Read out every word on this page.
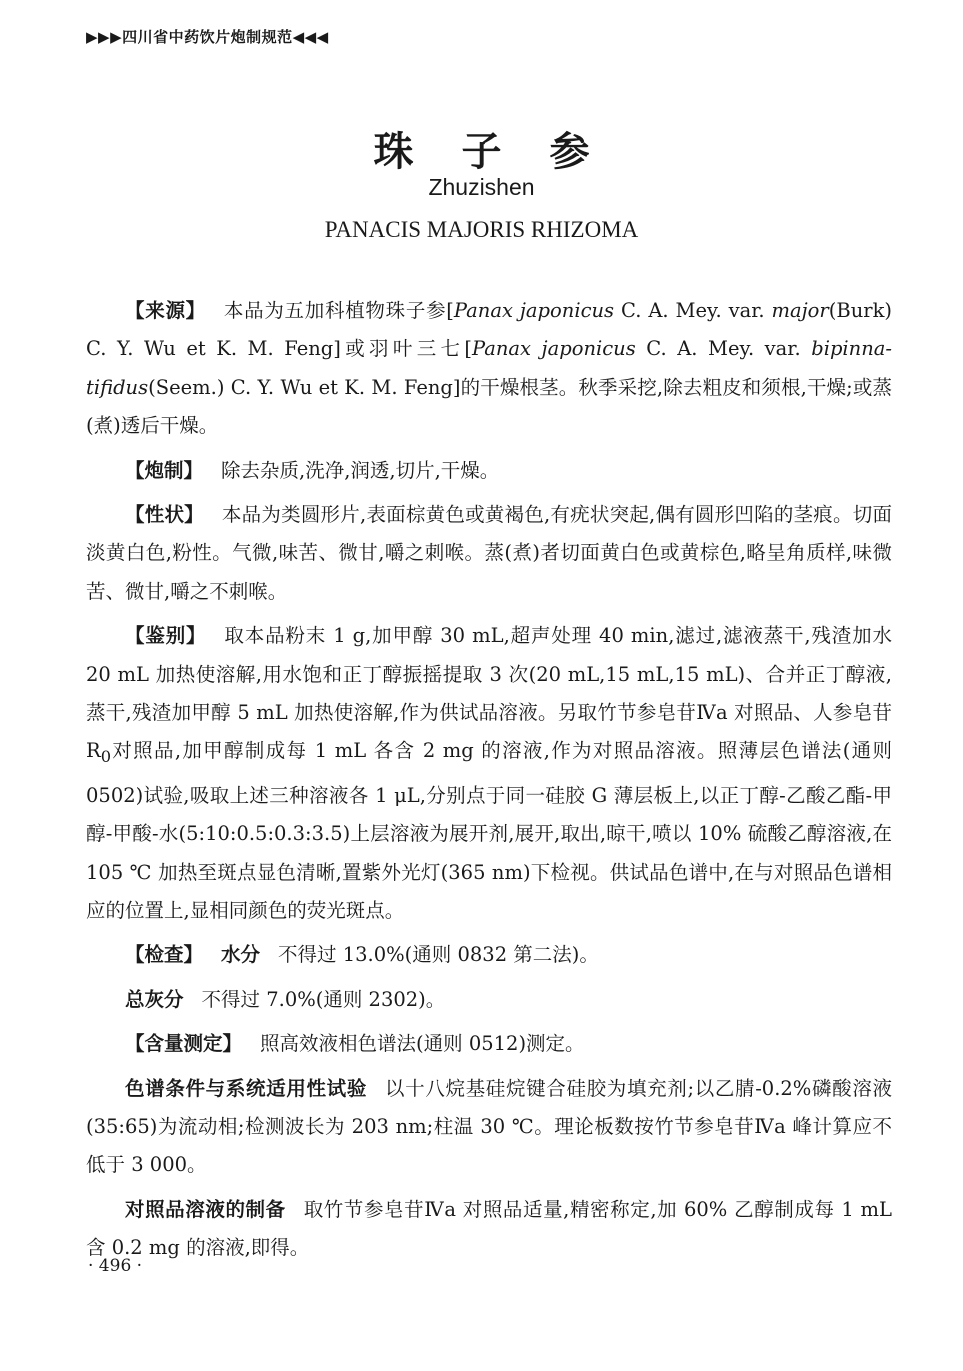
▶▶▶四川省中药饮片炮制规范◀◀◀
珠子参
Zhuzishen
PANACIS MAJORIS RHIZOMA

【来源】 本品为五加科植物珠子参[Panax japonicus C. A. Mey. var. major(Burk) C. Y. Wu et K. M. Feng]或羽叶三七[Panax japonicus C. A. Mey. var. bipinna-tifidus(Seem.) C. Y. Wu et K. M. Feng]的干燥根茎。秋季采挖,除去粗皮和须根,干燥;或蒸(煮)透后干燥。

【炮制】 除去杂质,洗净,润透,切片,干燥。

【性状】 本品为类圆形片,表面棕黄色或黄褐色,有疣状突起,偶有圆形凹陷的茎痕。切面淡黄白色,粉性。气微,味苦、微甘,嚼之刺喉。蒸(煮)者切面黄白色或黄棕色,略呈角质样,味微苦、微甘,嚼之不刺喉。

【鉴别】 取本品粉末 1 g,加甲醇 30 mL,超声处理 40 min,滤过,滤液蒸干,残渣加水 20 mL 加热使溶解,用水饱和正丁醇振摇提取 3 次(20 mL,15 mL,15 mL)、合并正丁醇液,蒸干,残渣加甲醇 5 mL 加热使溶解,作为供试品溶液。另取竹节参皂苷Ⅳa 对照品、人参皂苷 $R_0$对照品,加甲醇制成每 1 mL 各含 2 mg 的溶液,作为对照品溶液。照薄层色谱法(通则 0502)试验,吸取上述三种溶液各 1 μL,分别点于同一硅胶 G 薄层板上,以正丁醇-乙酸乙酯-甲醇-甲酸-水(5:10:0.5:0.3:3.5)上层溶液为展开剂,展开,取出,晾干,喷以 10% 硫酸乙醇溶液,在 105 ℃ 加热至斑点显色清晰,置紫外光灯(365 nm)下检视。供试品色谱中,在与对照品色谱相应的位置上,显相同颜色的荧光斑点。

【检查】 水分 不得过 13.0%(通则 0832 第二法)。

总灰分 不得过 7.0%(通则 2302)。

【含量测定】 照高效液相色谱法(通则 0512)测定。

色谱条件与系统适用性试验 以十八烷基硅烷键合硅胶为填充剂;以乙腈-0.2%磷酸溶液(35:65)为流动相;检测波长为 203 nm;柱温 30 ℃。理论板数按竹节参皂苷Ⅳa 峰计算应不低于 3 000。

对照品溶液的制备 取竹节参皂苷Ⅳa 对照品适量,精密称定,加 60% 乙醇制成每 1 mL 含 0.2 mg 的溶液,即得。

· 496 ·
